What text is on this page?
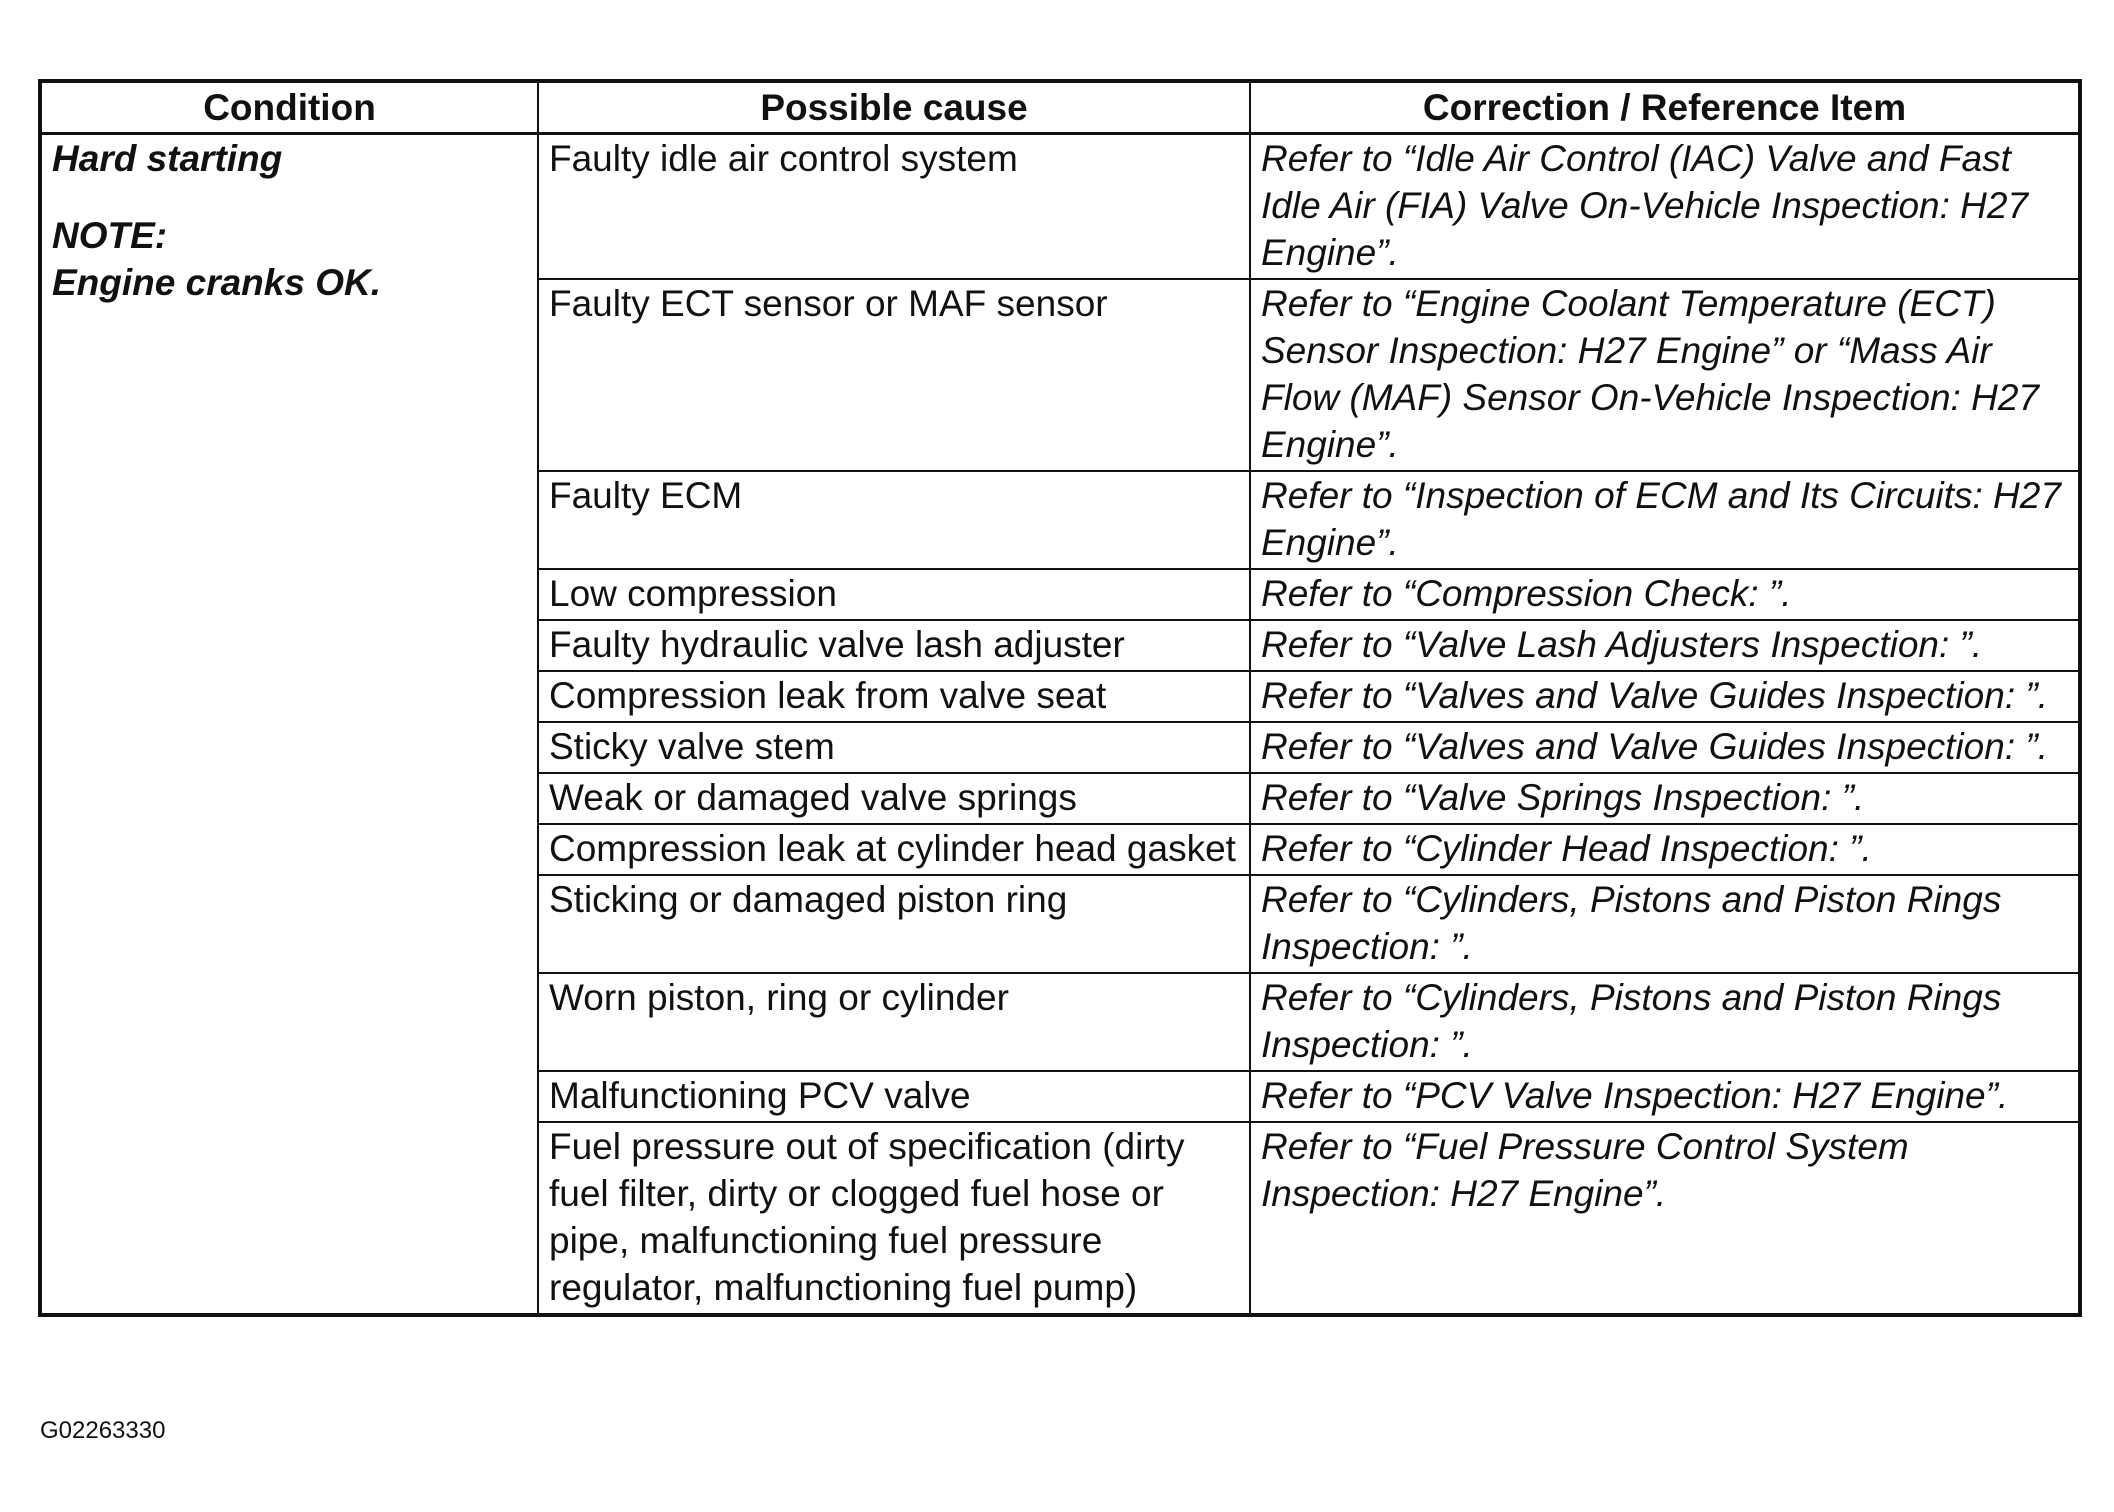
Condition	Possible cause	Correction / Reference Item

Hard starting
NOTE:
Engine cranks OK.	Faulty idle air control system	Refer to “Idle Air Control (IAC) Valve and Fast Idle Air (FIA) Valve On-Vehicle Inspection: H27 Engine”.
	Faulty ECT sensor or MAF sensor	Refer to “Engine Coolant Temperature (ECT) Sensor Inspection: H27 Engine” or “Mass Air Flow (MAF) Sensor On-Vehicle Inspection: H27 Engine”.
	Faulty ECM	Refer to “Inspection of ECM and Its Circuits: H27 Engine”.
	Low compression	Refer to “Compression Check: ”.
	Faulty hydraulic valve lash adjuster	Refer to “Valve Lash Adjusters Inspection: ”.
	Compression leak from valve seat	Refer to “Valves and Valve Guides Inspection: ”.
	Sticky valve stem	Refer to “Valves and Valve Guides Inspection: ”.
	Weak or damaged valve springs	Refer to “Valve Springs Inspection: ”.
	Compression leak at cylinder head gasket	Refer to “Cylinder Head Inspection: ”.
	Sticking or damaged piston ring	Refer to “Cylinders, Pistons and Piston Rings Inspection: ”.
	Worn piston, ring or cylinder	Refer to “Cylinders, Pistons and Piston Rings Inspection: ”.
	Malfunctioning PCV valve	Refer to “PCV Valve Inspection: H27 Engine”.
	Fuel pressure out of specification (dirty fuel filter, dirty or clogged fuel hose or pipe, malfunctioning fuel pressure regulator, malfunctioning fuel pump)	Refer to “Fuel Pressure Control System Inspection: H27 Engine”.
G02263330
